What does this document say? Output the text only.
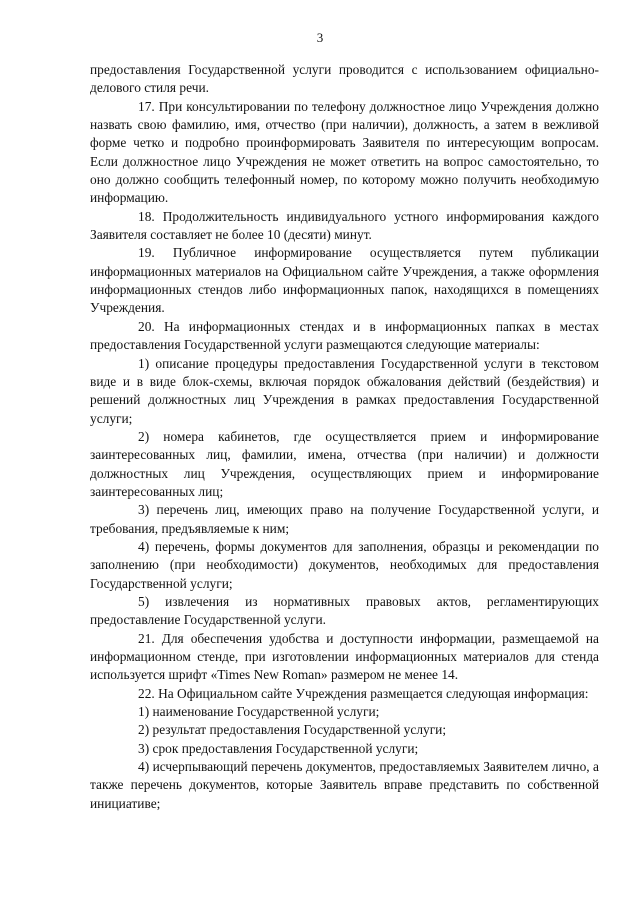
3

предоставления Государственной услуги проводится с использованием официально-делового стиля речи.

17. При консультировании по телефону должностное лицо Учреждения должно назвать свою фамилию, имя, отчество (при наличии), должность, а затем в вежливой форме четко и подробно проинформировать Заявителя по интересующим вопросам. Если должностное лицо Учреждения не может ответить на вопрос самостоятельно, то оно должно сообщить телефонный номер, по которому можно получить необходимую информацию.

18. Продолжительность индивидуального устного информирования каждого Заявителя составляет не более 10 (десяти) минут.

19. Публичное информирование осуществляется путем публикации информационных материалов на Официальном сайте Учреждения, а также оформления информационных стендов либо информационных папок, находящихся в помещениях Учреждения.

20. На информационных стендах и в информационных папках в местах предоставления Государственной услуги размещаются следующие материалы:

1) описание процедуры предоставления Государственной услуги в текстовом виде и в виде блок-схемы, включая порядок обжалования действий (бездействия) и решений должностных лиц Учреждения в рамках предоставления Государственной услуги;

2) номера кабинетов, где осуществляется прием и информирование заинтересованных лиц, фамилии, имена, отчества (при наличии) и должности должностных лиц Учреждения, осуществляющих прием и информирование заинтересованных лиц;

3) перечень лиц, имеющих право на получение Государственной услуги, и требования, предъявляемые к ним;

4) перечень, формы документов для заполнения, образцы и рекомендации по заполнению (при необходимости) документов, необходимых для предоставления Государственной услуги;

5) извлечения из нормативных правовых актов, регламентирующих предоставление Государственной услуги.

21. Для обеспечения удобства и доступности информации, размещаемой на информационном стенде, при изготовлении информационных материалов для стенда используется шрифт «Times New Roman» размером не менее 14.

22. На Официальном сайте Учреждения размещается следующая информация:

1) наименование Государственной услуги;

2) результат предоставления Государственной услуги;

3) срок предоставления Государственной услуги;

4) исчерпывающий перечень документов, предоставляемых Заявителем лично, а также перечень документов, которые Заявитель вправе представить по собственной инициативе;
